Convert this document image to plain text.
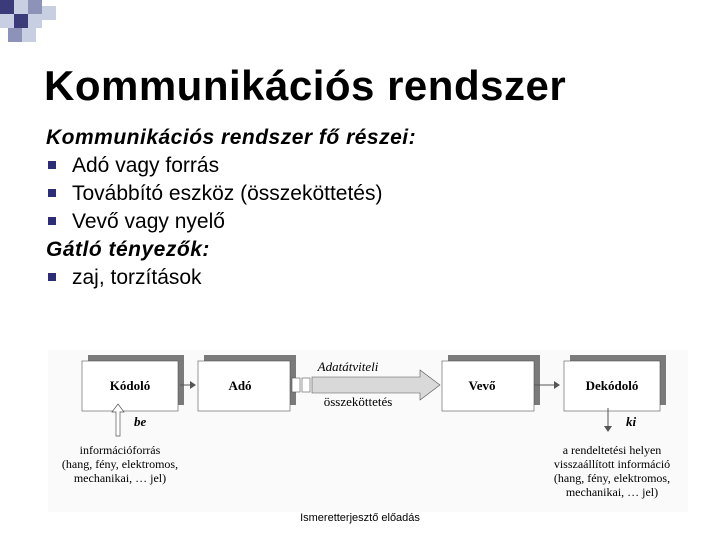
Kommunikációs rendszer
Kommunikációs rendszer fő részei:
Adó vagy forrás
Továbbító eszköz (összeköttetés)
Vevő vagy nyelő
Gátló tényezők:
zaj, torzítások
Kódoló	Adó
Adatátviteli
összeköttetés
Vevő	Dekódoló
be	ki
információforrás
(hang, fény, elektromos,
mechanikai, … jel)
a rendeltetési helyen
visszaállított információ
(hang, fény, elektromos,
mechanikai, … jel)
Ismeretterjesztő előadás
